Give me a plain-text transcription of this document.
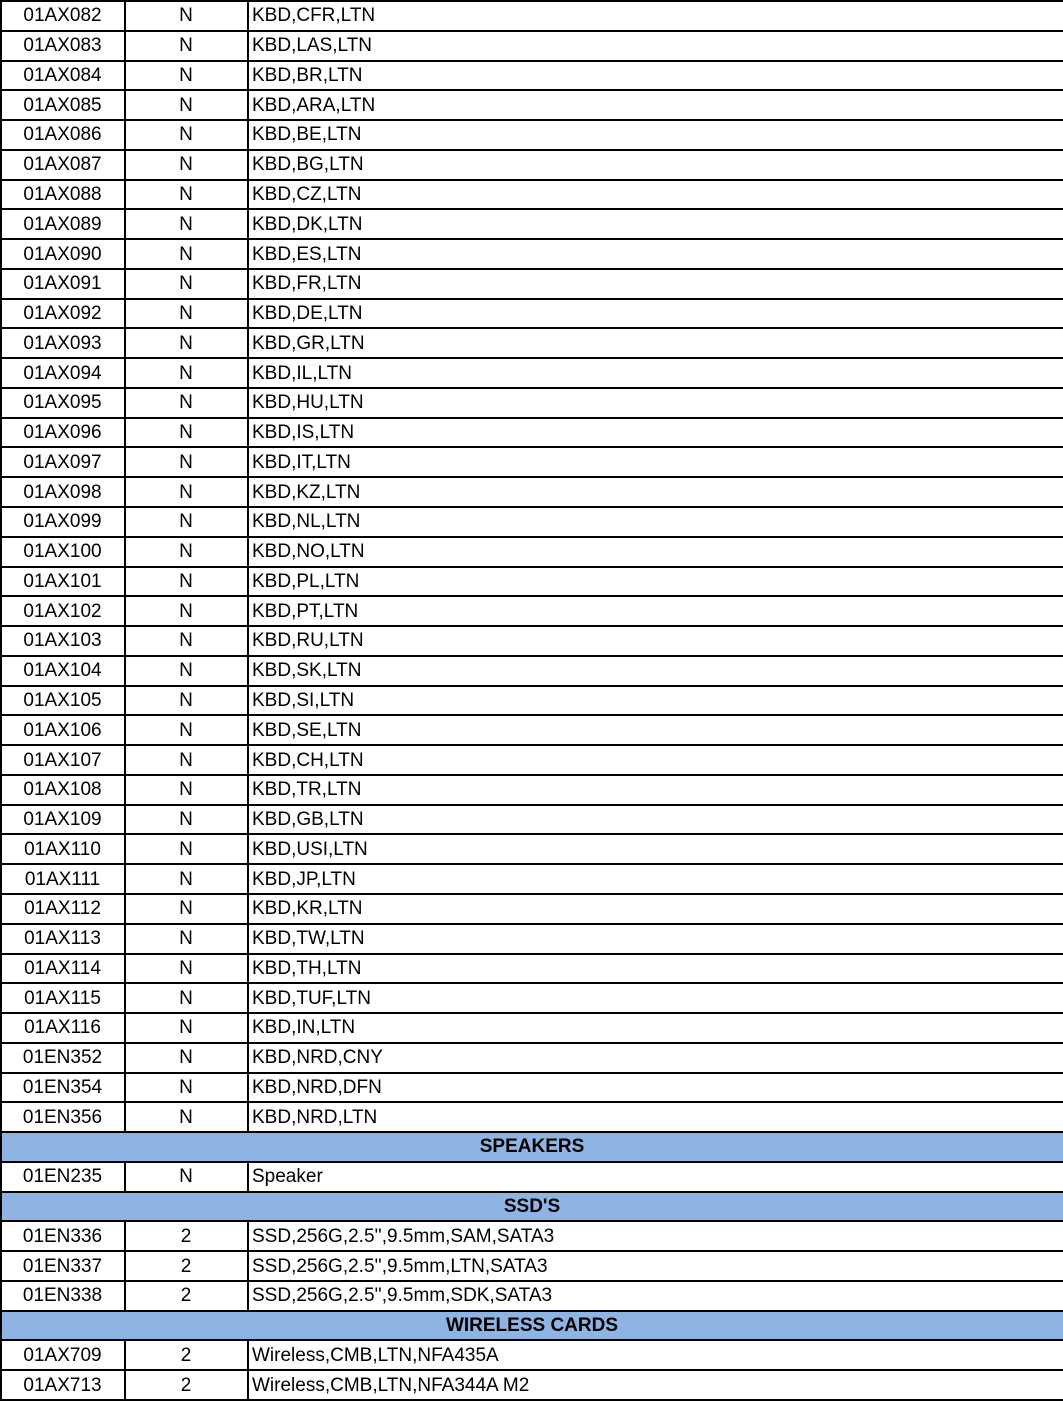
01AX082	N	KBD,CFR,LTN
01AX083	N	KBD,LAS,LTN
01AX084	N	KBD,BR,LTN
01AX085	N	KBD,ARA,LTN
01AX086	N	KBD,BE,LTN
01AX087	N	KBD,BG,LTN
01AX088	N	KBD,CZ,LTN
01AX089	N	KBD,DK,LTN
01AX090	N	KBD,ES,LTN
01AX091	N	KBD,FR,LTN
01AX092	N	KBD,DE,LTN
01AX093	N	KBD,GR,LTN
01AX094	N	KBD,IL,LTN
01AX095	N	KBD,HU,LTN
01AX096	N	KBD,IS,LTN
01AX097	N	KBD,IT,LTN
01AX098	N	KBD,KZ,LTN
01AX099	N	KBD,NL,LTN
01AX100	N	KBD,NO,LTN
01AX101	N	KBD,PL,LTN
01AX102	N	KBD,PT,LTN
01AX103	N	KBD,RU,LTN
01AX104	N	KBD,SK,LTN
01AX105	N	KBD,SI,LTN
01AX106	N	KBD,SE,LTN
01AX107	N	KBD,CH,LTN
01AX108	N	KBD,TR,LTN
01AX109	N	KBD,GB,LTN
01AX110	N	KBD,USI,LTN
01AX111	N	KBD,JP,LTN
01AX112	N	KBD,KR,LTN
01AX113	N	KBD,TW,LTN
01AX114	N	KBD,TH,LTN
01AX115	N	KBD,TUF,LTN
01AX116	N	KBD,IN,LTN
01EN352	N	KBD,NRD,CNY
01EN354	N	KBD,NRD,DFN
01EN356	N	KBD,NRD,LTN
SPEAKERS		
01EN235	N	Speaker
SSD'S		
01EN336	2	SSD,256G,2.5'',9.5mm,SAM,SATA3
01EN337	2	SSD,256G,2.5'',9.5mm,LTN,SATA3
01EN338	2	SSD,256G,2.5'',9.5mm,SDK,SATA3
WIRELESS CARDS		
01AX709	2	Wireless,CMB,LTN,NFA435A
01AX713	2	Wireless,CMB,LTN,NFA344A M2
